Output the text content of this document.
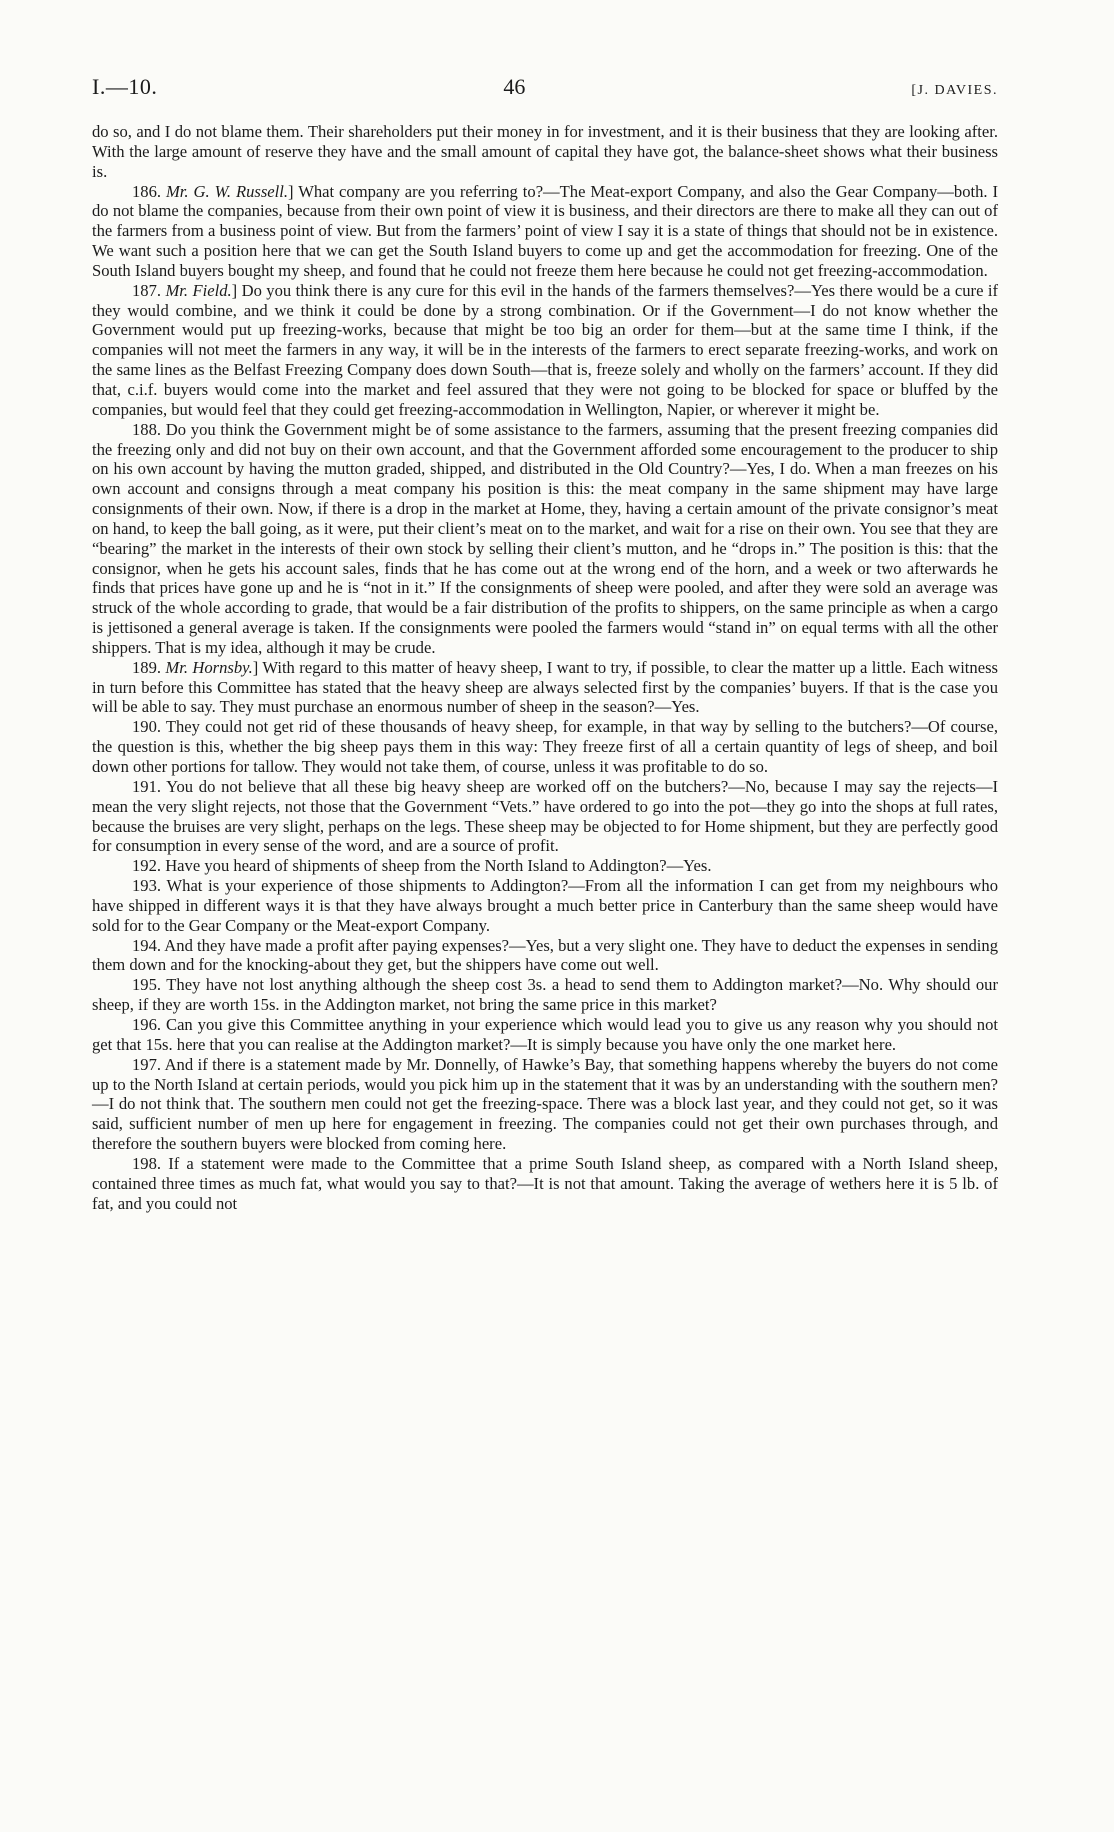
I.—10.	46	[J. DAVIES.

do so, and I do not blame them. Their shareholders put their money in for investment, and it is their business that they are looking after. With the large amount of reserve they have and the small amount of capital they have got, the balance-sheet shows what their business is.

186. Mr. G. W. Russell.] What company are you referring to?—The Meat-export Company, and also the Gear Company—both. I do not blame the companies, because from their own point of view it is business, and their directors are there to make all they can out of the farmers from a business point of view. But from the farmers’ point of view I say it is a state of things that should not be in existence. We want such a position here that we can get the South Island buyers to come up and get the accommodation for freezing. One of the South Island buyers bought my sheep, and found that he could not freeze them here because he could not get freezing-accommodation.

187. Mr. Field.] Do you think there is any cure for this evil in the hands of the farmers themselves?—Yes there would be a cure if they would combine, and we think it could be done by a strong combination. Or if the Government—I do not know whether the Government would put up freezing-works, because that might be too big an order for them—but at the same time I think, if the companies will not meet the farmers in any way, it will be in the interests of the farmers to erect separate freezing-works, and work on the same lines as the Belfast Freezing Company does down South—that is, freeze solely and wholly on the farmers’ account. If they did that, c.i.f. buyers would come into the market and feel assured that they were not going to be blocked for space or bluffed by the companies, but would feel that they could get freezing-accommodation in Wellington, Napier, or wherever it might be.

188. Do you think the Government might be of some assistance to the farmers, assuming that the present freezing companies did the freezing only and did not buy on their own account, and that the Government afforded some encouragement to the producer to ship on his own account by having the mutton graded, shipped, and distributed in the Old Country?—Yes, I do. When a man freezes on his own account and consigns through a meat company his position is this: the meat company in the same shipment may have large consignments of their own. Now, if there is a drop in the market at Home, they, having a certain amount of the private consignor’s meat on hand, to keep the ball going, as it were, put their client’s meat on to the market, and wait for a rise on their own. You see that they are “bearing” the market in the interests of their own stock by selling their client’s mutton, and he “drops in.” The position is this: that the consignor, when he gets his account sales, finds that he has come out at the wrong end of the horn, and a week or two afterwards he finds that prices have gone up and he is “not in it.” If the consignments of sheep were pooled, and after they were sold an average was struck of the whole according to grade, that would be a fair distribution of the profits to shippers, on the same principle as when a cargo is jettisoned a general average is taken. If the consignments were pooled the farmers would “stand in” on equal terms with all the other shippers. That is my idea, although it may be crude.

189. Mr. Hornsby.] With regard to this matter of heavy sheep, I want to try, if possible, to clear the matter up a little. Each witness in turn before this Committee has stated that the heavy sheep are always selected first by the companies’ buyers. If that is the case you will be able to say. They must purchase an enormous number of sheep in the season?—Yes.

190. They could not get rid of these thousands of heavy sheep, for example, in that way by selling to the butchers?—Of course, the question is this, whether the big sheep pays them in this way: They freeze first of all a certain quantity of legs of sheep, and boil down other portions for tallow. They would not take them, of course, unless it was profitable to do so.

191. You do not believe that all these big heavy sheep are worked off on the butchers?—No, because I may say the rejects—I mean the very slight rejects, not those that the Government “Vets.” have ordered to go into the pot—they go into the shops at full rates, because the bruises are very slight, perhaps on the legs. These sheep may be objected to for Home shipment, but they are perfectly good for consumption in every sense of the word, and are a source of profit.

192. Have you heard of shipments of sheep from the North Island to Addington?—Yes.

193. What is your experience of those shipments to Addington?—From all the information I can get from my neighbours who have shipped in different ways it is that they have always brought a much better price in Canterbury than the same sheep would have sold for to the Gear Company or the Meat-export Company.

194. And they have made a profit after paying expenses?—Yes, but a very slight one. They have to deduct the expenses in sending them down and for the knocking-about they get, but the shippers have come out well.

195. They have not lost anything although the sheep cost 3s. a head to send them to Addington market?—No. Why should our sheep, if they are worth 15s. in the Addington market, not bring the same price in this market?

196. Can you give this Committee anything in your experience which would lead you to give us any reason why you should not get that 15s. here that you can realise at the Addington market?—It is simply because you have only the one market here.

197. And if there is a statement made by Mr. Donnelly, of Hawke’s Bay, that something happens whereby the buyers do not come up to the North Island at certain periods, would you pick him up in the statement that it was by an understanding with the southern men?—I do not think that. The southern men could not get the freezing-space. There was a block last year, and they could not get, so it was said, sufficient number of men up here for engagement in freezing. The companies could not get their own purchases through, and therefore the southern buyers were blocked from coming here.

198. If a statement were made to the Committee that a prime South Island sheep, as compared with a North Island sheep, contained three times as much fat, what would you say to that?—It is not that amount. Taking the average of wethers here it is 5 lb. of fat, and you could not
